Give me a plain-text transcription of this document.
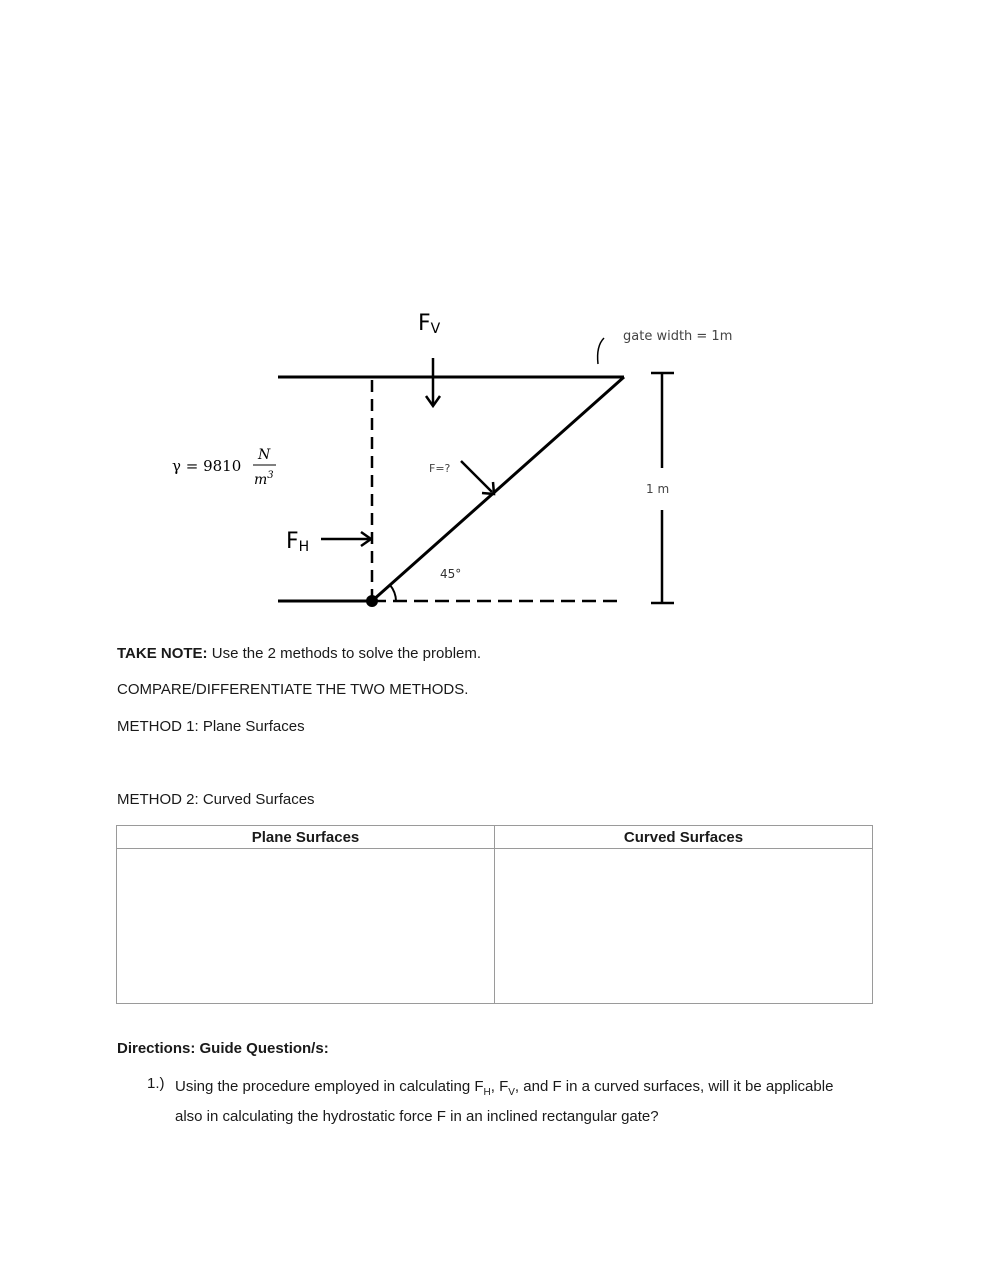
FV
FH
F=?
45°
gate width = 1m
1 m
γ = 9810
N
$m^3$
TAKE NOTE: Use the 2 methods to solve the problem.
COMPARE/DIFFERENTIATE THE TWO METHODS.
METHOD 1: Plane Surfaces
METHOD 2: Curved Surfaces
Plane Surfaces	Curved Surfaces

Directions: Guide Question/s:
1.) Using the procedure employed in calculating $F_H$, $F_V$, and F in a curved surfaces, will it be applicable also in calculating the hydrostatic force F in an inclined rectangular gate?
